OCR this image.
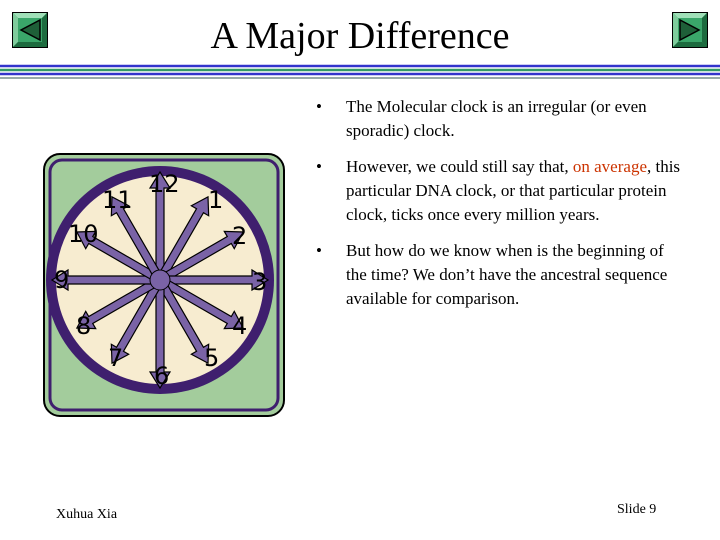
A Major Difference
• The Molecular clock is an irregular (or even sporadic) clock.
• However, we could still say that, on average, this particular DNA clock, or that particular protein clock, ticks once every million years.
• But how do we know when is the beginning of the time? We don’t have the ancestral sequence available for comparison.
12
1
2
3
4
5
6
7
8
9
10
11
Xuhua Xia	Slide 9
